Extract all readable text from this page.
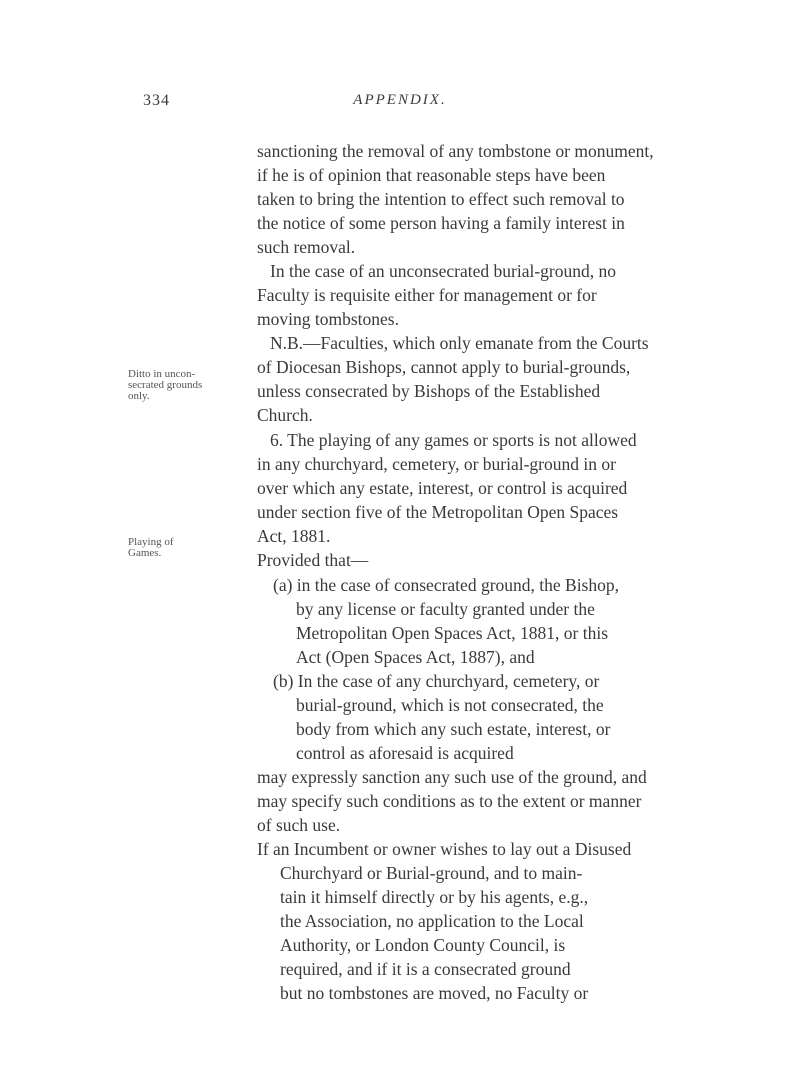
334	APPENDIX.
Ditto in uncon-
secrated grounds
only.
Playing of
Games.
sanctioning the removal of any tombstone or monument,
if he is of opinion that reasonable steps have been
taken to bring the intention to effect such removal to
the notice of some person having a family interest in
such removal.
In the case of an unconsecrated burial-ground, no
Faculty is requisite either for management or for
moving tombstones.
N.B.—Faculties, which only emanate from the Courts
of Diocesan Bishops, cannot apply to burial-grounds,
unless consecrated by Bishops of the Established
Church.
6. The playing of any games or sports is not allowed
in any churchyard, cemetery, or burial-ground in or
over which any estate, interest, or control is acquired
under section five of the Metropolitan Open Spaces
Act, 1881.
Provided that—
(a) in the case of consecrated ground, the Bishop,
by any license or faculty granted under the
Metropolitan Open Spaces Act, 1881, or this
Act (Open Spaces Act, 1887), and
(b) In the case of any churchyard, cemetery, or
burial-ground, which is not consecrated, the
body from which any such estate, interest, or
control as aforesaid is acquired
may expressly sanction any such use of the ground, and
may specify such conditions as to the extent or manner
of such use.
If an Incumbent or owner wishes to lay out a Disused
Churchyard or Burial-ground, and to main-
tain it himself directly or by his agents, e.g.,
the Association, no application to the Local
Authority, or London County Council, is
required, and if it is a consecrated ground
but no tombstones are moved, no Faculty or
